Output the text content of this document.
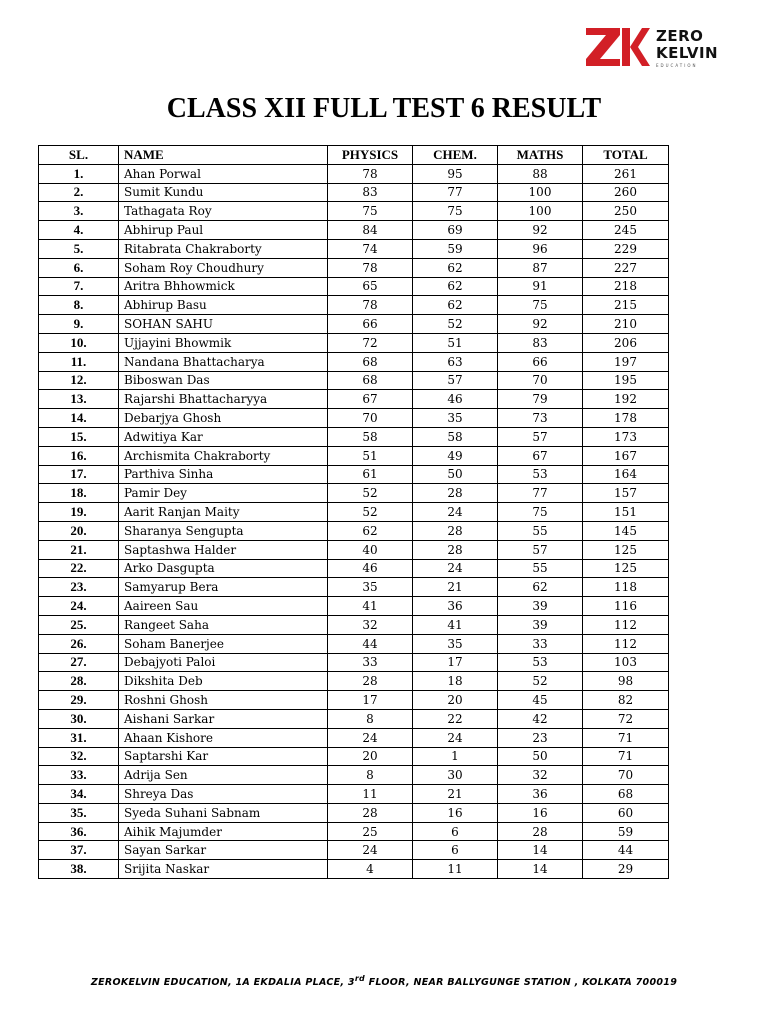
ZERO
KELVIN
EDUCATION
CLASS XII FULL TEST 6 RESULT
SL.	NAME	PHYSICS	CHEM.	MATHS	TOTAL
1.	Ahan Porwal	78	95	88	261
2.	Sumit Kundu	83	77	100	260
3.	Tathagata Roy	75	75	100	250
4.	Abhirup Paul	84	69	92	245
5.	Ritabrata Chakraborty	74	59	96	229
6.	Soham Roy Choudhury	78	62	87	227
7.	Aritra Bhhowmick	65	62	91	218
8.	Abhirup Basu	78	62	75	215
9.	SOHAN SAHU	66	52	92	210
10.	Ujjayini Bhowmik	72	51	83	206
11.	Nandana Bhattacharya	68	63	66	197
12.	Biboswan Das	68	57	70	195
13.	Rajarshi Bhattacharyya	67	46	79	192
14.	Debarjya Ghosh	70	35	73	178
15.	Adwitiya Kar	58	58	57	173
16.	Archismita Chakraborty	51	49	67	167
17.	Parthiva Sinha	61	50	53	164
18.	Pamir Dey	52	28	77	157
19.	Aarit Ranjan Maity	52	24	75	151
20.	Sharanya Sengupta	62	28	55	145
21.	Saptashwa Halder	40	28	57	125
22.	Arko Dasgupta	46	24	55	125
23.	Samyarup Bera	35	21	62	118
24.	Aaireen Sau	41	36	39	116
25.	Rangeet Saha	32	41	39	112
26.	Soham Banerjee	44	35	33	112
27.	Debajyoti Paloi	33	17	53	103
28.	Dikshita Deb	28	18	52	98
29.	Roshni Ghosh	17	20	45	82
30.	Aishani Sarkar	8	22	42	72
31.	Ahaan Kishore	24	24	23	71
32.	Saptarshi Kar	20	1	50	71
33.	Adrija Sen	8	30	32	70
34.	Shreya Das	11	21	36	68
35.	Syeda Suhani Sabnam	28	16	16	60
36.	Aihik Majumder	25	6	28	59
37.	Sayan Sarkar	24	6	14	44
38.	Srijita Naskar	4	11	14	29
ZEROKELVIN EDUCATION, 1A EKDALIA PLACE, 3rd FLOOR, NEAR BALLYGUNGE STATION , KOLKATA 700019
